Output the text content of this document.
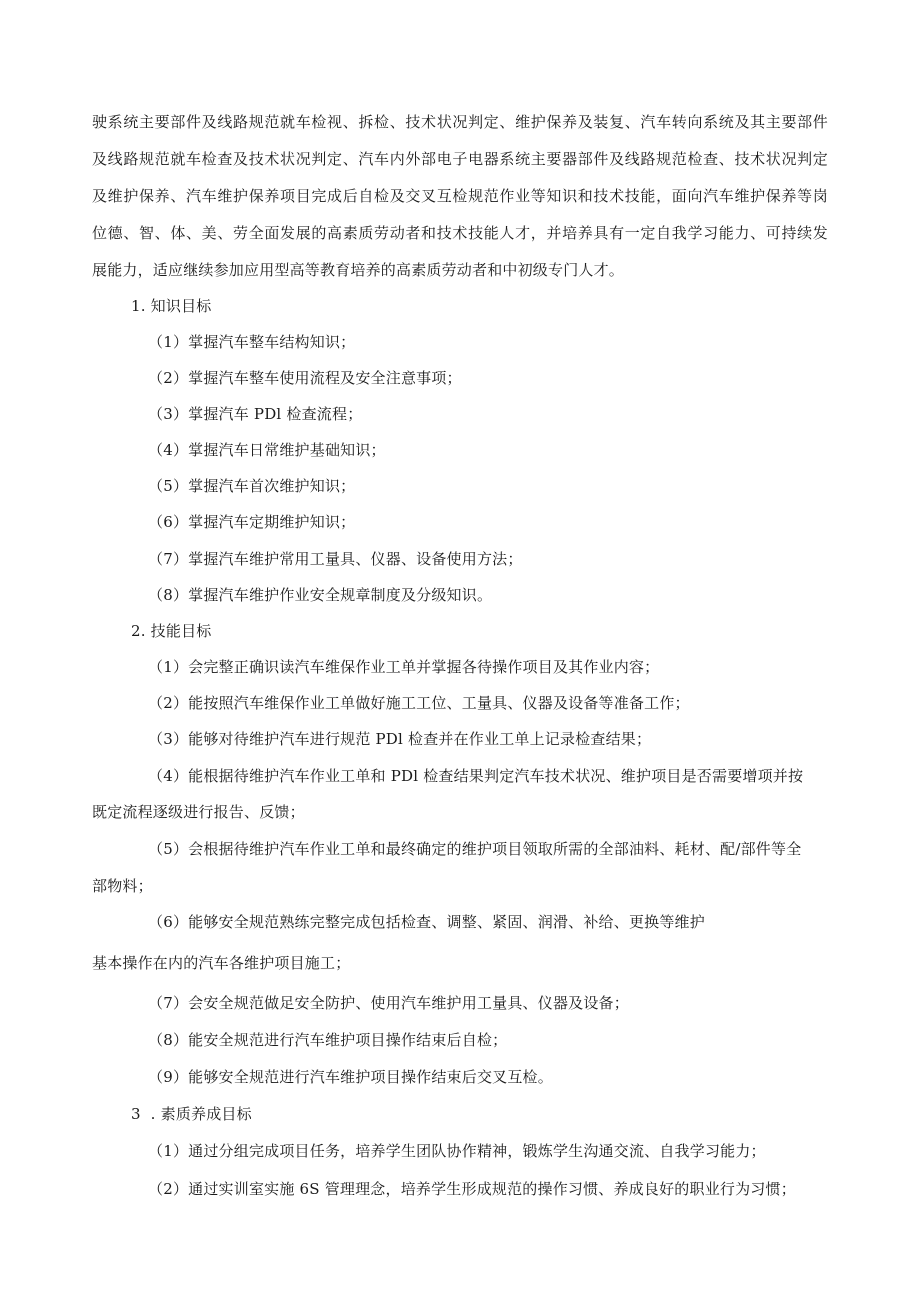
驶系统主要部件及线路规范就车检视、拆检、技术状况判定、维护保养及装复、汽车转向系统及其主要部件
及线路规范就车检查及技术状况判定、汽车内外部电子电器系统主要器部件及线路规范检查、技术状况判定
及维护保养、汽车维护保养项目完成后自检及交叉互检规范作业等知识和技术技能，面向汽车维护保养等岗
位德、智、体、美、劳全面发展的高素质劳动者和技术技能人才，并培养具有一定自我学习能力、可持续发
展能力，适应继续参加应用型高等教育培养的高素质劳动者和中初级专门人才。
1. 知识目标
（1）掌握汽车整车结构知识；
（2）掌握汽车整车使用流程及安全注意事项；
（3）掌握汽车 PDl 检查流程；
（4）掌握汽车日常维护基础知识；
（5）掌握汽车首次维护知识；
（6）掌握汽车定期维护知识；
（7）掌握汽车维护常用工量具、仪器、设备使用方法；
（8）掌握汽车维护作业安全规章制度及分级知识。
2. 技能目标
（1）会完整正确识读汽车维保作业工单并掌握各待操作项目及其作业内容；
（2）能按照汽车维保作业工单做好施工工位、工量具、仪器及设备等准备工作；
（3）能够对待维护汽车进行规范 PDl 检查并在作业工单上记录检查结果；
（4）能根据待维护汽车作业工单和 PDl 检查结果判定汽车技术状况、维护项目是否需要增项并按
既定流程逐级进行报告、反馈；
（5）会根据待维护汽车作业工单和最终确定的维护项目领取所需的全部油料、耗材、配/部件等全
部物料；
（6）能够安全规范熟练完整完成包括检查、调整、紧固、润滑、补给、更换等维护
基本操作在内的汽车各维护项目施工；
（7）会安全规范做足安全防护、使用汽车维护用工量具、仪器及设备；
（8）能安全规范进行汽车维护项目操作结束后自检；
（9）能够安全规范进行汽车维护项目操作结束后交叉互检。
3  . 素质养成目标
（1）通过分组完成项目任务，培养学生团队协作精神，锻炼学生沟通交流、自我学习能力；
（2）通过实训室实施 6S 管理理念，培养学生形成规范的操作习惯、养成良好的职业行为习惯；
